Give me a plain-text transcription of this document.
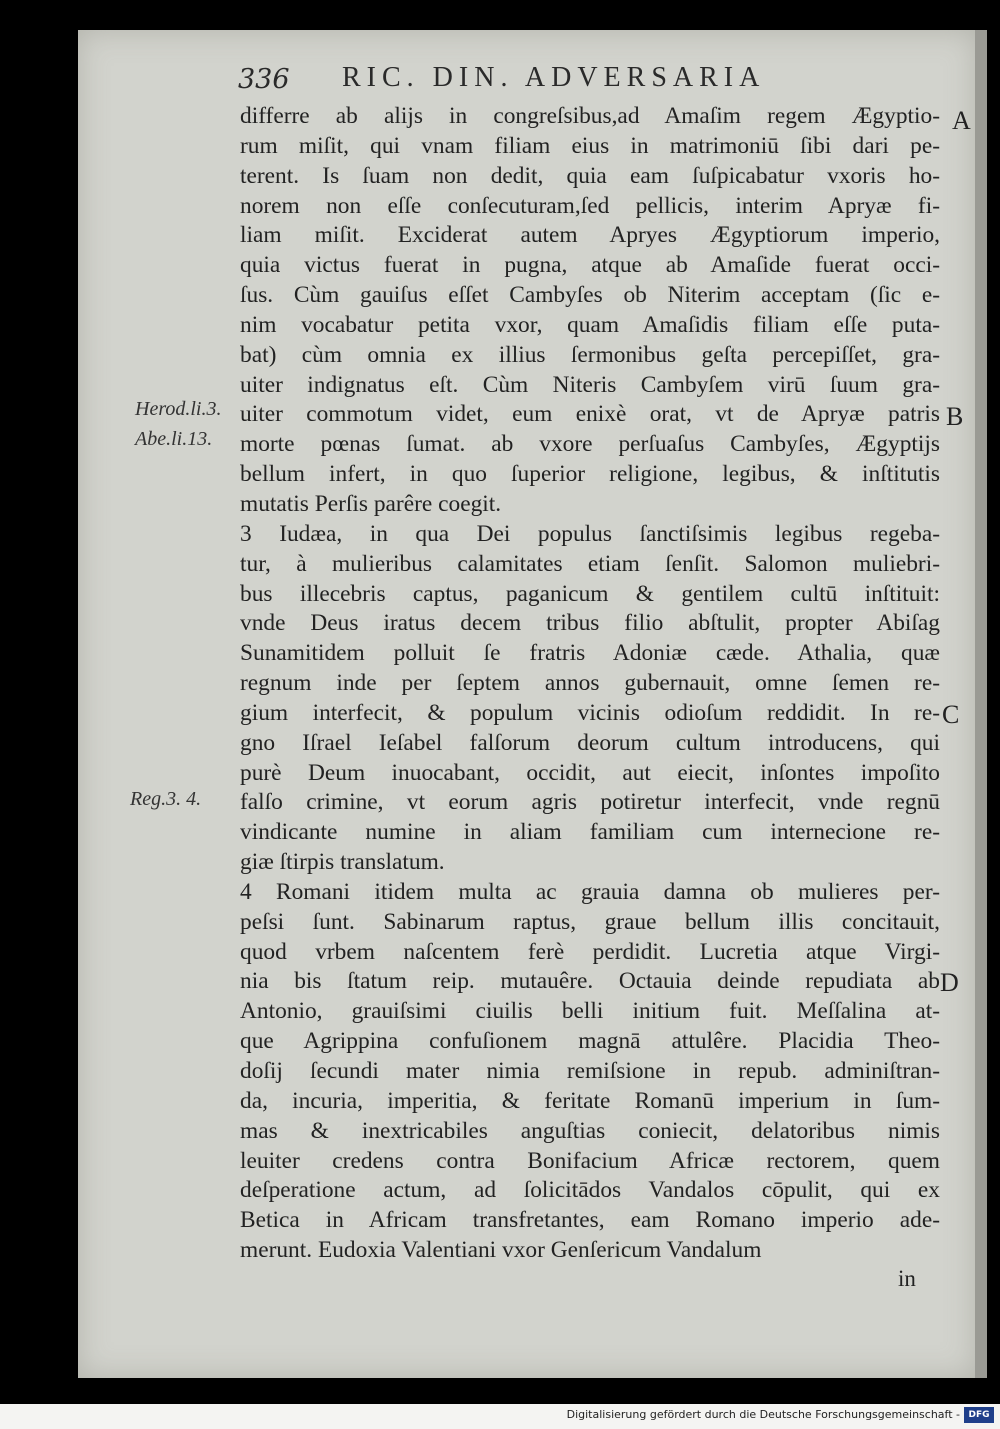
336 RIC. DIN. ADVERSARIA
differre ab alijs in congreſsibus,ad Amaſim regem Ægyptio-
rum miſit, qui vnam filiam eius in matrimoniū ſibi dari pe-
terent. Is ſuam non dedit, quia eam ſuſpicabatur vxoris ho-
norem non eſſe conſecuturam,ſed pellicis, interim Apryæ fi-
liam miſit. Exciderat autem Apryes Ægyptiorum imperio,
quia victus fuerat in pugna, atque ab Amaſide fuerat occi-
ſus. Cùm gauiſus eſſet Cambyſes ob Niterim acceptam (ſic e-
nim vocabatur petita vxor, quam Amaſidis filiam eſſe puta-
bat) cùm omnia ex illius ſermonibus geſta percepiſſet, gra-
uiter indignatus eſt. Cùm Niteris Cambyſem virū ſuum gra-
uiter commotum videt, eum enixè orat, vt de Apryæ patris
morte pœnas ſumat. ab vxore perſuaſus Cambyſes, Ægyptijs
bellum infert, in quo ſuperior religione, legibus, & inſtitutis
mutatis Perſis parêre coegit.
3 Iudæa, in qua Dei populus ſanctiſsimis legibus regeba-
tur, à mulieribus calamitates etiam ſenſit. Salomon muliebri-
bus illecebris captus, paganicum & gentilem cultū inſtituit:
vnde Deus iratus decem tribus filio abſtulit, propter Abiſag
Sunamitidem polluit ſe fratris Adoniæ cæde. Athalia, quæ
regnum inde per ſeptem annos gubernauit, omne ſemen re-
gium interfecit, & populum vicinis odioſum reddidit. In re-
gno Iſrael Ieſabel falſorum deorum cultum introducens, qui
purè Deum inuocabant, occidit, aut eiecit, inſontes impoſito
falſo crimine, vt eorum agris potiretur interfecit, vnde regnū
vindicante numine in aliam familiam cum internecione re-
giæ ſtirpis translatum.
4 Romani itidem multa ac grauia damna ob mulieres per-
peſsi ſunt. Sabinarum raptus, graue bellum illis concitauit,
quod vrbem naſcentem ferè perdidit. Lucretia atque Virgi-
nia bis ſtatum reip. mutauêre. Octauia deinde repudiata ab
Antonio, grauiſsimi ciuilis belli initium fuit. Meſſalina at-
que Agrippina confuſionem magnā attulêre. Placidia Theo-
doſij ſecundi mater nimia remiſsione in repub. adminiſtran-
da, incuria, imperitia, & feritate Romanū imperium in ſum-
mas & inextricabiles anguſtias coniecit, delatoribus nimis
leuiter credens contra Bonifacium Africæ rectorem, quem
deſperatione actum, ad ſolicitādos Vandalos cōpulit, qui ex
Betica in Africam transfretantes, eam Romano imperio ade-
merunt. Eudoxia Valentiani vxor Genſericum Vandalum
in
Herod.li.3.
Abe.li.13.
Reg.3. 4.
A
B
C
D
Digitalisierung gefördert durch die Deutsche Forschungsgemeinschaft - DFG
